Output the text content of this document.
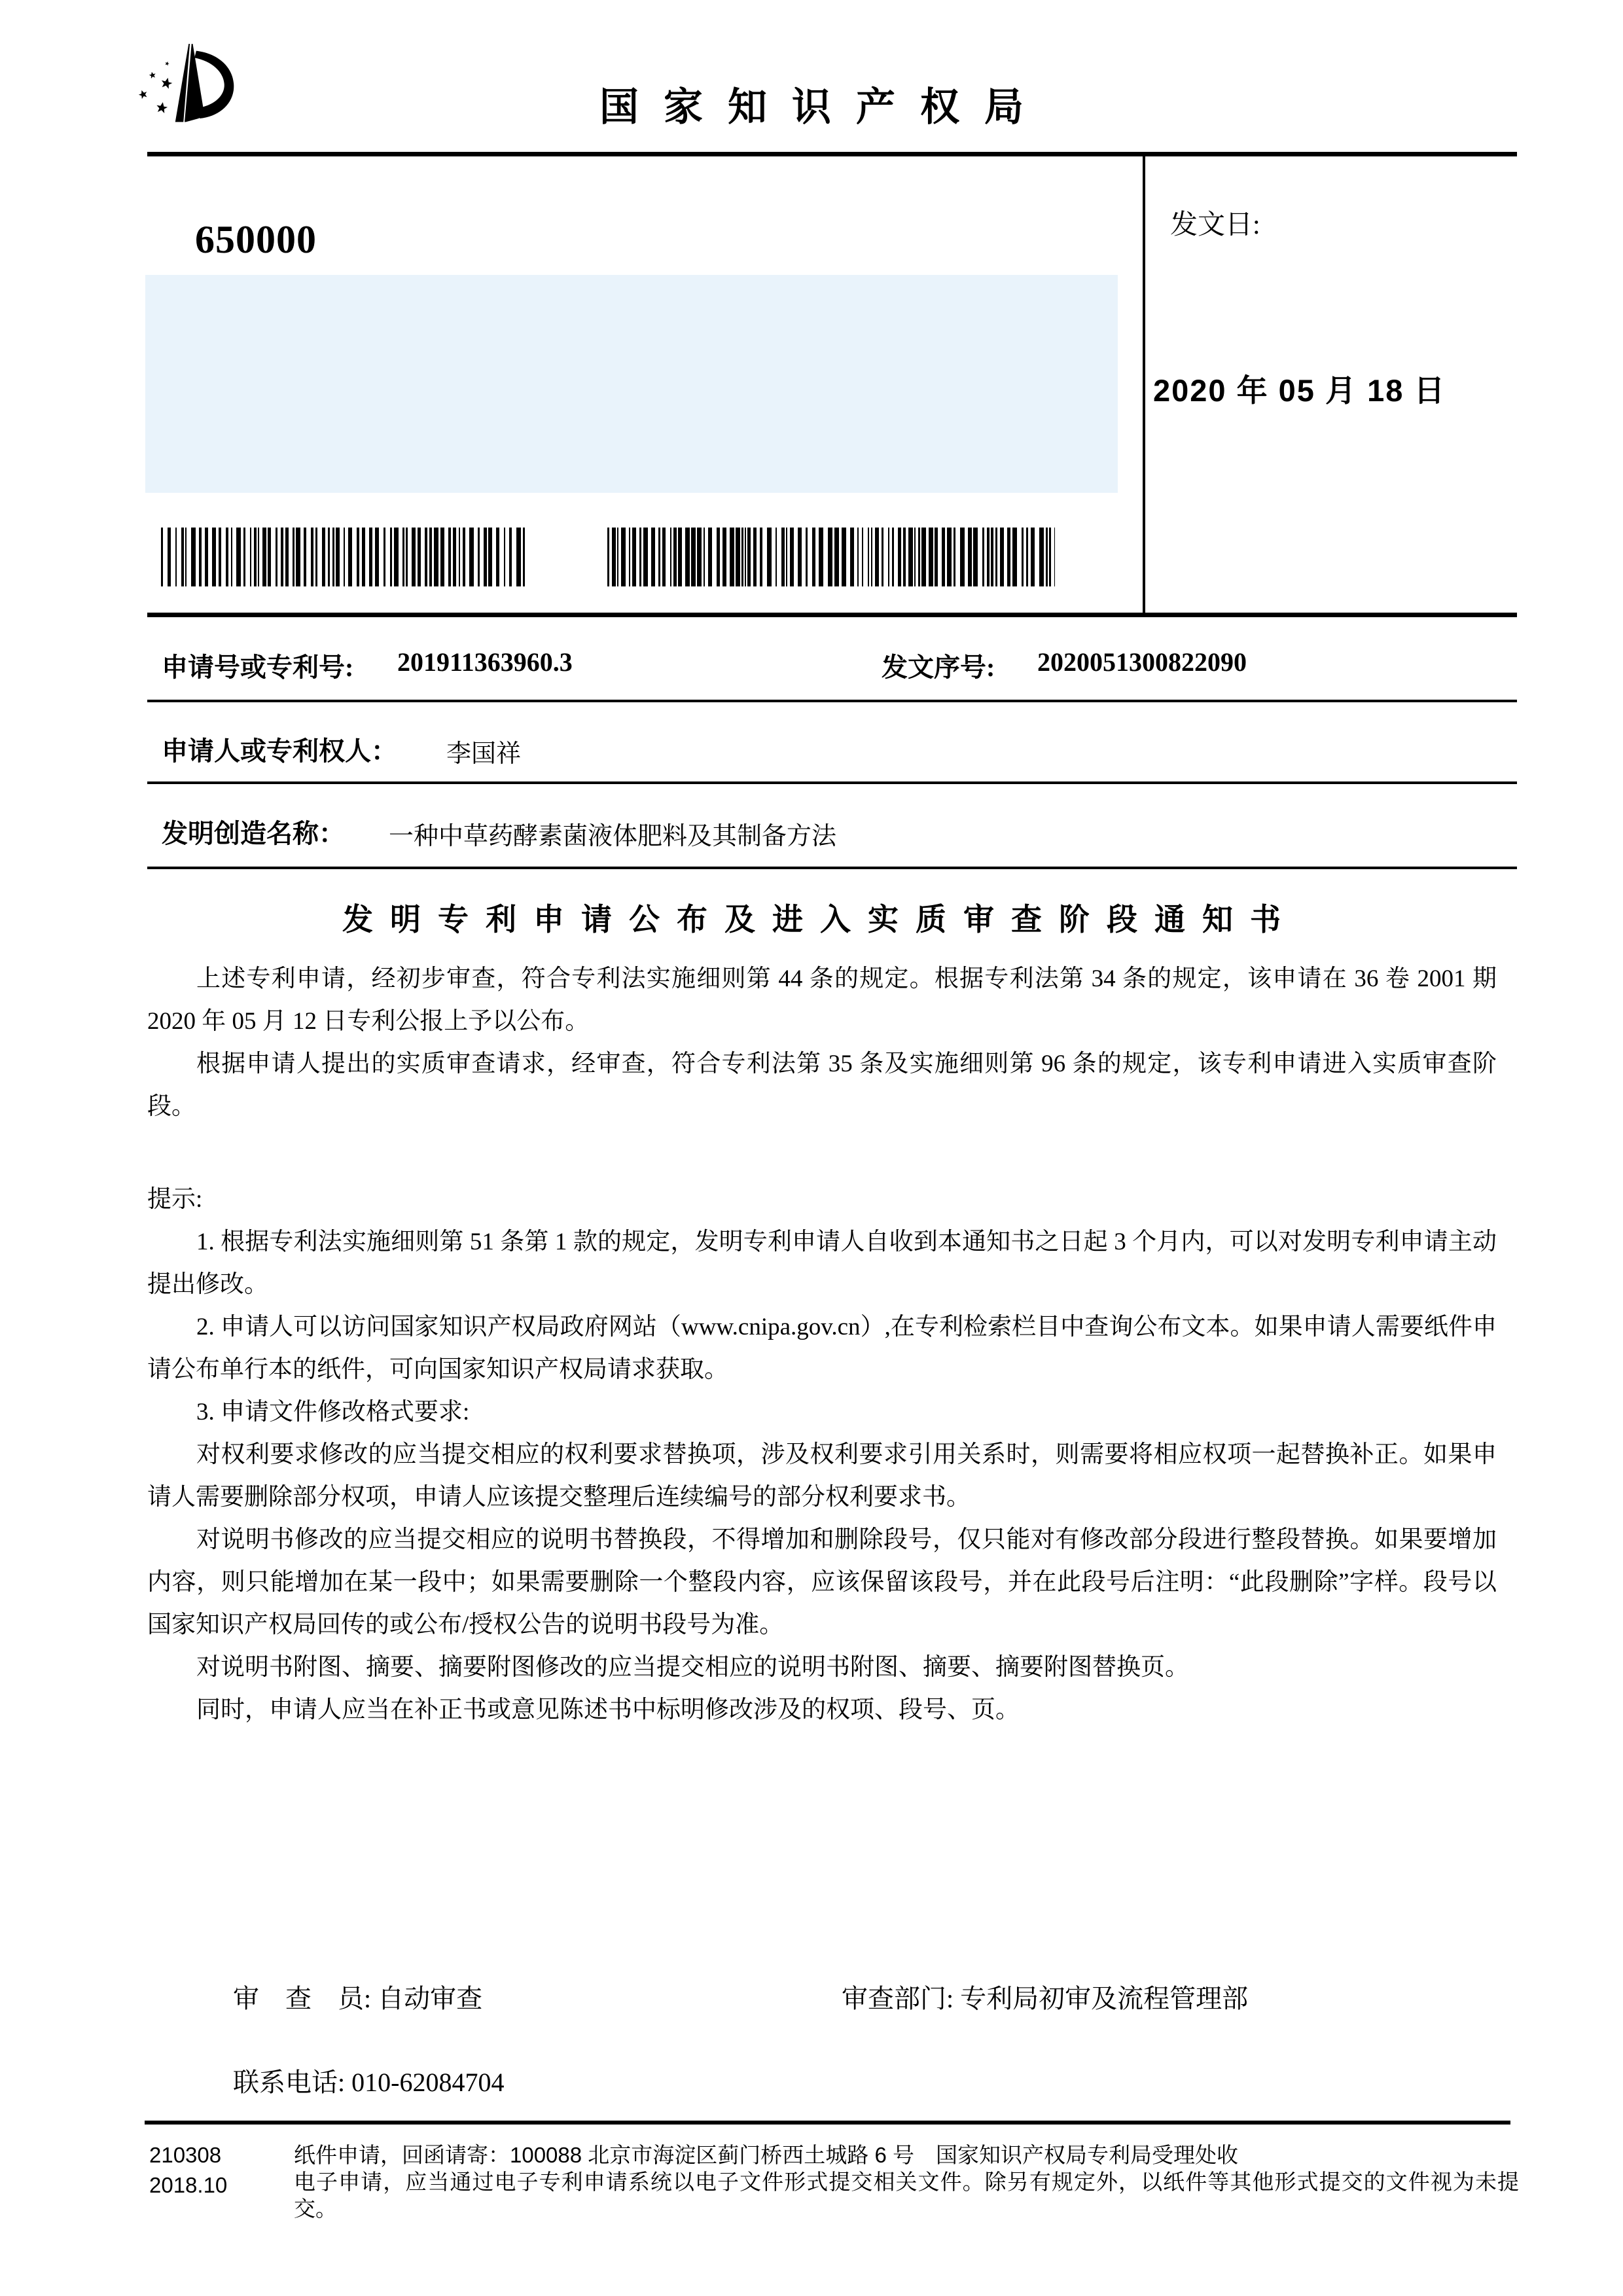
国家知识产权局
650000	发文日:
2020 年 05 月 18 日
申请号或专利号: 201911363960.3	发文序号: 2020051300822090
申请人或专利权人： 李国祥
发明创造名称： 一种中草药酵素菌液体肥料及其制备方法
发明专利申请公布及进入实质审查阶段通知书

上述专利申请，经初步审查，符合专利法实施细则第 44 条的规定。根据专利法第 34 条的规定，该申请在 36 卷 2001 期 2020 年 05 月 12 日专利公报上予以公布。

根据申请人提出的实质审查请求，经审查，符合专利法第 35 条及实施细则第 96 条的规定，该专利申请进入实质审查阶段。

提示:

1. 根据专利法实施细则第 51 条第 1 款的规定，发明专利申请人自收到本通知书之日起 3 个月内，可以对发明专利申请主动提出修改。

2. 申请人可以访问国家知识产权局政府网站（www.cnipa.gov.cn）,在专利检索栏目中查询公布文本。如果申请人需要纸件申请公布单行本的纸件，可向国家知识产权局请求获取。

3. 申请文件修改格式要求:

对权利要求修改的应当提交相应的权利要求替换项，涉及权利要求引用关系时，则需要将相应权项一起替换补正。如果申请人需要删除部分权项，申请人应该提交整理后连续编号的部分权利要求书。

对说明书修改的应当提交相应的说明书替换段，不得增加和删除段号，仅只能对有修改部分段进行整段替换。如果要增加内容，则只能增加在某一段中；如果需要删除一个整段内容，应该保留该段号，并在此段号后注明：“此段删除”字样。段号以国家知识产权局回传的或公布/授权公告的说明书段号为准。

对说明书附图、摘要、摘要附图修改的应当提交相应的说明书附图、摘要、摘要附图替换页。

同时，申请人应当在补正书或意见陈述书中标明修改涉及的权项、段号、页。

审　查　员: 自动审查	审查部门: 专利局初审及流程管理部
联系电话: 010-62084704
210308
2018.10

纸件申请，回函请寄：100088 北京市海淀区蓟门桥西土城路 6 号　国家知识产权局专利局受理处收

电子申请，应当通过电子专利申请系统以电子文件形式提交相关文件。除另有规定外，以纸件等其他形式提交的文件视为未提交。
